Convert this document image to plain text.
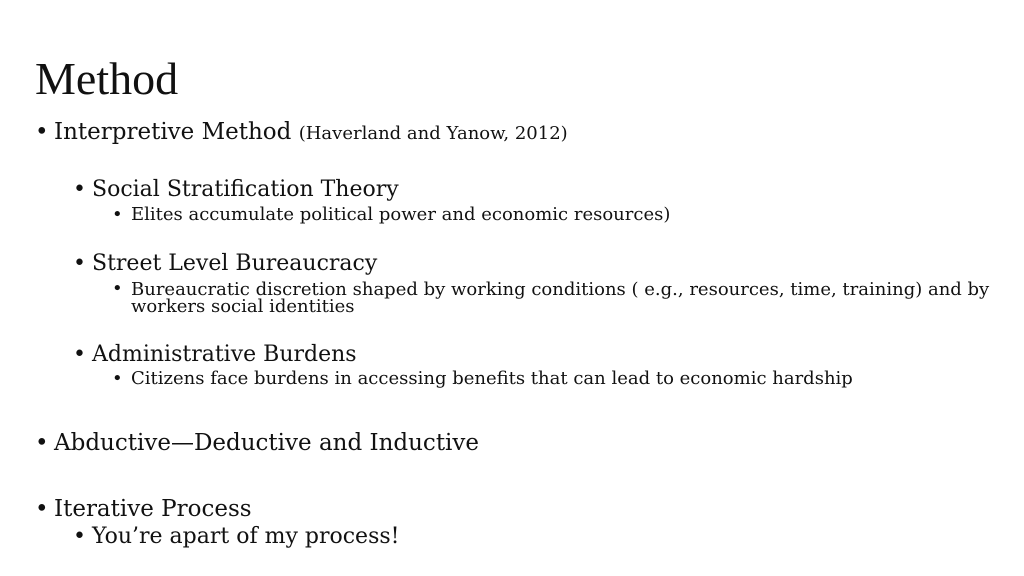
Method
• Interpretive Method (Haverland and Yanow, 2012)
• Social Stratification Theory
• Elites accumulate political power and economic resources)
• Street Level Bureaucracy
• Bureaucratic discretion shaped by working conditions ( e.g., resources, time, training) and by workers social identities
• Administrative Burdens
• Citizens face burdens in accessing benefits that can lead to economic hardship
• Abductive—Deductive and Inductive
• Iterative Process
• You’re apart of my process!
